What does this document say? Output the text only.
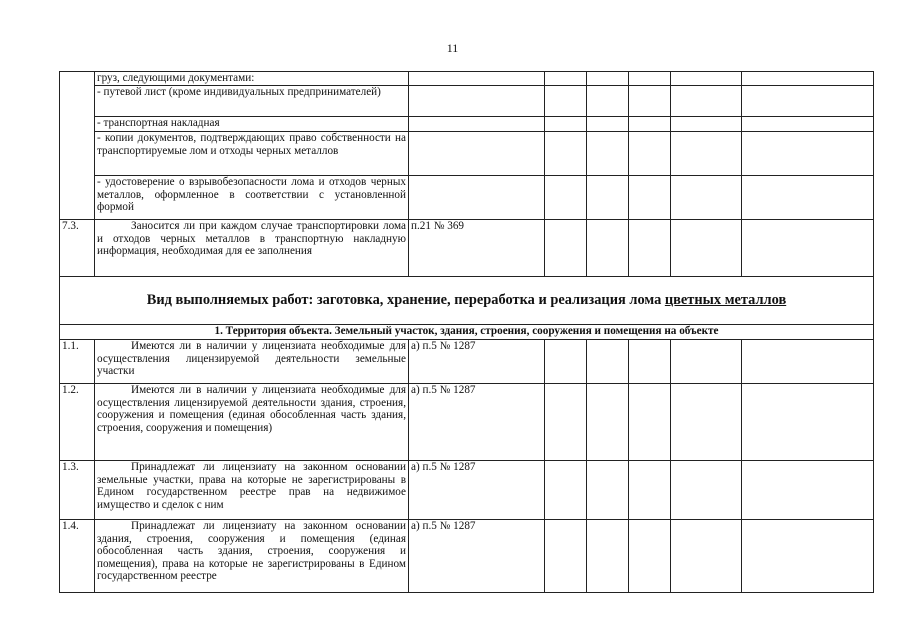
11
	груз, следующими документами:						
	- путевой лист (кроме индивидуальных предпринимателей)						
	- транспортная накладная						
	- копии документов, подтверждающих право собственности на транспортируемые лом и отходы черных металлов						
	- удостоверение о взрывобезопасности лома и отходов черных металлов, оформленное в соответствии с установленной формой						
7.3.	Заносится ли при каждом случае транспортировки лома и отходов черных металлов в транспортную накладную информация, необходимая для ее заполнения	п.21 № 369					
Вид выполняемых работ: заготовка, хранение, переработка и реализация лома цветных металлов							
1. Территория объекта. Земельный участок, здания, строения, сооружения и помещения на объекте							
1.1.	Имеются ли в наличии у лицензиата необходимые для осуществления лицензируемой деятельности земельные участки	а) п.5 № 1287					
1.2.	Имеются ли в наличии у лицензиата необходимые для осуществления лицензируемой деятельности здания, строения, сооружения и помещения (единая обособленная часть здания, строения, сооружения и помещения)	а) п.5 № 1287					
1.3.	Принадлежат ли лицензиату на законном основании земельные участки, права на которые не зарегистрированы в Едином государственном реестре прав на недвижимое имущество и сделок с ним	а) п.5 № 1287					
1.4.	Принадлежат ли лицензиату на законном основании здания, строения, сооружения и помещения (единая обособленная часть здания, строения, сооружения и помещения), права на которые не зарегистрированы в Едином государственном реестре	а) п.5 № 1287					
